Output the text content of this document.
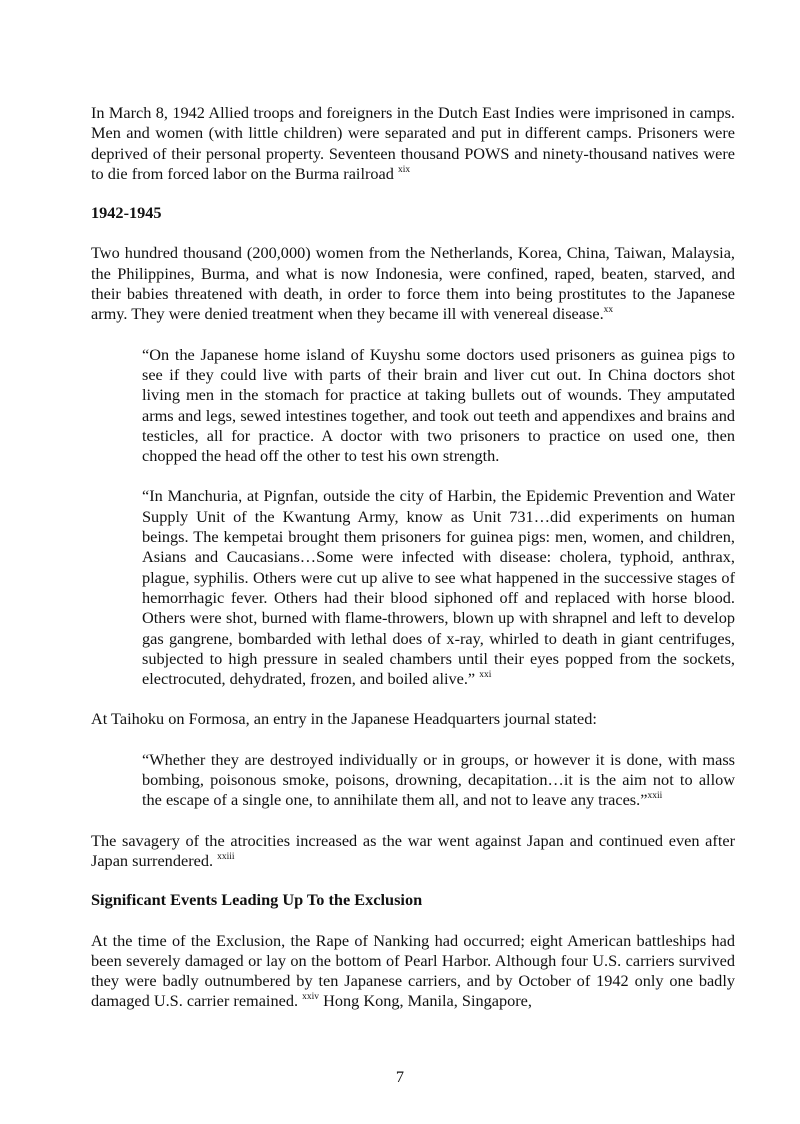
In March 8, 1942 Allied troops and foreigners in the Dutch East Indies were imprisoned in camps. Men and women (with little children) were separated and put in different camps. Prisoners were deprived of their personal property. Seventeen thousand POWS and ninety-thousand natives were to die from forced labor on the Burma railroad $^{xix}$

1942-1945

Two hundred thousand (200,000) women from the Netherlands, Korea, China, Taiwan, Malaysia, the Philippines, Burma, and what is now Indonesia, were confined, raped, beaten, starved, and their babies threatened with death, in order to force them into being prostitutes to the Japanese army. They were denied treatment when they became ill with venereal disease.$^{xx}$

“On the Japanese home island of Kuyshu some doctors used prisoners as guinea pigs to see if they could live with parts of their brain and liver cut out. In China doctors shot living men in the stomach for practice at taking bullets out of wounds. They amputated arms and legs, sewed intestines together, and took out teeth and appendixes and brains and testicles, all for practice. A doctor with two prisoners to practice on used one, then chopped the head off the other to test his own strength.

“In Manchuria, at Pignfan, outside the city of Harbin, the Epidemic Prevention and Water Supply Unit of the Kwantung Army, know as Unit 731…did experiments on human beings. The kempetai brought them prisoners for guinea pigs: men, women, and children, Asians and Caucasians…Some were infected with disease: cholera, typhoid, anthrax, plague, syphilis. Others were cut up alive to see what happened in the successive stages of hemorrhagic fever. Others had their blood siphoned off and replaced with horse blood. Others were shot, burned with flame-throwers, blown up with shrapnel and left to develop gas gangrene, bombarded with lethal does of x-ray, whirled to death in giant centrifuges, subjected to high pressure in sealed chambers until their eyes popped from the sockets, electrocuted, dehydrated, frozen, and boiled alive.” $^{xxi}$

At Taihoku on Formosa, an entry in the Japanese Headquarters journal stated:

“Whether they are destroyed individually or in groups, or however it is done, with mass bombing, poisonous smoke, poisons, drowning, decapitation…it is the aim not to allow the escape of a single one, to annihilate them all, and not to leave any traces.”$^{xxii}$

The savagery of the atrocities increased as the war went against Japan and continued even after Japan surrendered. $^{xxiii}$

Significant Events Leading Up To the Exclusion

At the time of the Exclusion, the Rape of Nanking had occurred; eight American battleships had been severely damaged or lay on the bottom of Pearl Harbor. Although four U.S. carriers survived they were badly outnumbered by ten Japanese carriers, and by October of 1942 only one badly damaged U.S. carrier remained. $^{xxiv}$ Hong Kong, Manila, Singapore,

7
